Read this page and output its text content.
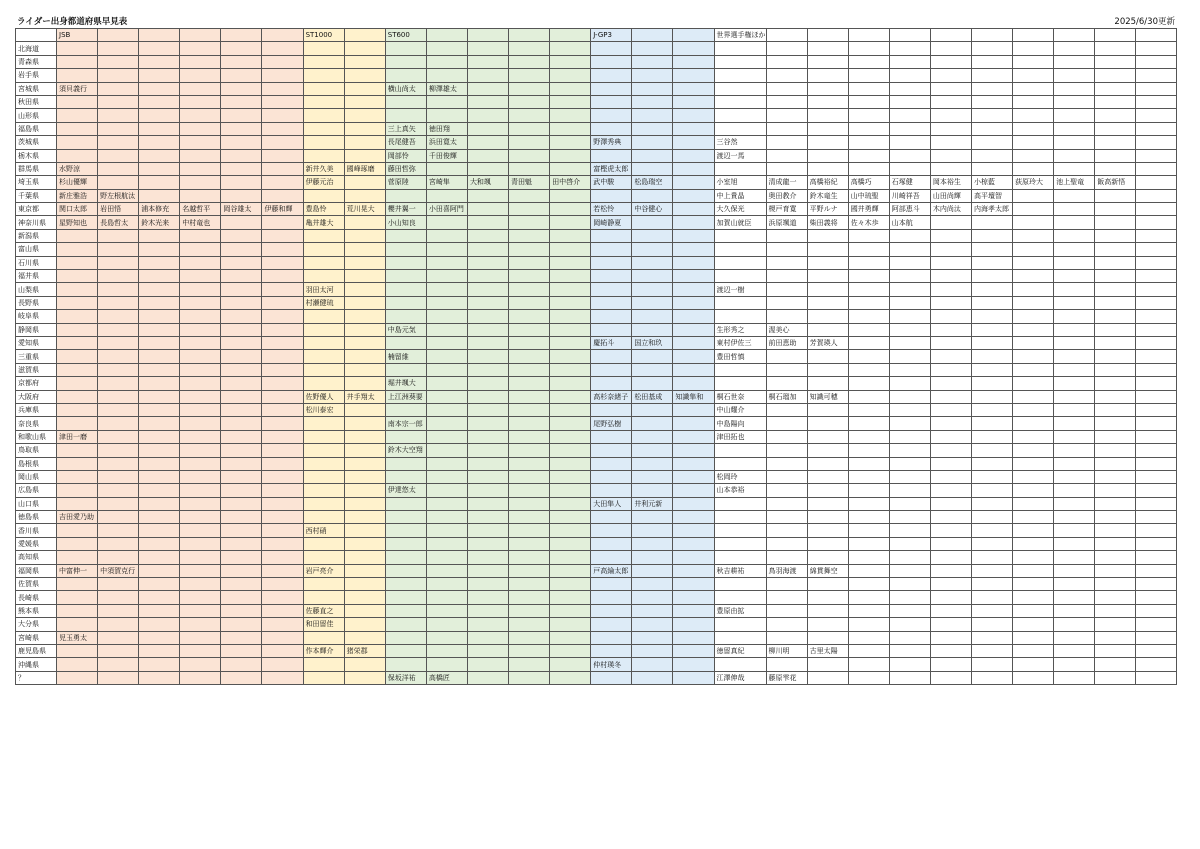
ライダー出身都道府県早見表	2025/6/30更新
	JSB						ST1000		ST600					J-GP3			世界選手権ほか										
北海道																											
青森県																											
岩手県																											
宮城県	須貝義行								横山尚太	柳澤雄太																	
秋田県																											
山形県																											
福島県									三上真矢	徳田翔																	
茨城県									長尾健吾	浜田寛太				野澤秀典			三谷然										
栃木県									岡部怜	千田俊輝							渡辺一馬										
群馬県	水野涼						新井久美	國峰琢磨	藤田哲弥					富樫虎太郎													
埼玉県	杉山優輝						伊藤元治		菅原陸	宮崎隼	大和颯	青田魁	田中啓介	武中駿	松島瑞空		小室旭	清成龍一	高橋裕紀	高橋巧	石塚健	岡本裕生	小椋藍	荻原玲大	池上聖竜	飯高新悟	
千葉県	新庄雅浩	野左根航汰															中上貴晶	奥田教介	鈴木竜生	山中琉聖	川崎祥吾	山田尚輝	高平壇智				
東京都	関口太郎	岩田悟	浦本修充	名越哲平	岡谷雄太	伊藤和輝	豊島怜	荒川晃大	櫻井翼一	小田喜阿門				若松怜	中谷健心		大久保光	榎戸育寛	平野ルナ	國井勇輝	阿部恵斗	木内尚汰	内海孝太郎				
神奈川県	星野知也	長島哲太	鈴木光来	中村竜也			亀井雄大		小山知良					岡崎静夏			加賀山就臣	浜原颯道	柴田義将	佐々木歩	山本航						
新潟県																											
富山県																											
石川県																											
福井県																											
山梨県							羽田太河										渡辺一樹										
長野県							村瀬健琉																				
岐阜県																											
静岡県									中島元気								生形秀之	渥美心									
愛知県														慶拓斗	国立和玖		東村伊佐三	前田恵助	芳賀瑛人								
三重県									楠留維								豊田哲慎										
滋賀県																											
京都府									堀井颯大																		
大阪府							佐野優人	井手翔太	上江洲葵要					高杉奈緒子	松田基成	知識隼和	桐石世奈	桐石瑠加	知識可穂								
兵庫県							松川泰宏										中山耀介										
奈良県									南本宗一郎					尾野弘樹			中島陽向										
和歌山県	津田一磨																津田拓也										
鳥取県									鈴木大空翔																		
島根県																											
岡山県																	松岡玲										
広島県									伊達悠太								山本恭裕										
山口県														大田隼人	井利元新												
徳島県	吉田愛乃助																										
香川県							西村硝																				
愛媛県																											
高知県																											
福岡県	中富伸一	中須賀克行					岩戸亮介							戸高綸太郎			秋吉耕祐	鳥羽海渡	綿貫舞空								
佐賀県																											
長崎県																											
熊本県							佐藤直之										豊原由拡										
大分県							和田留佳																				
宮崎県	児玉勇太																										
鹿児島県							作本輝介	猪栄郡									徳留真紀	柳川明	古里太陽								
沖縄県														仲村瑛冬													
？									保坂洋祐	高橋匠							江澤伸哉	藤原雫花									
